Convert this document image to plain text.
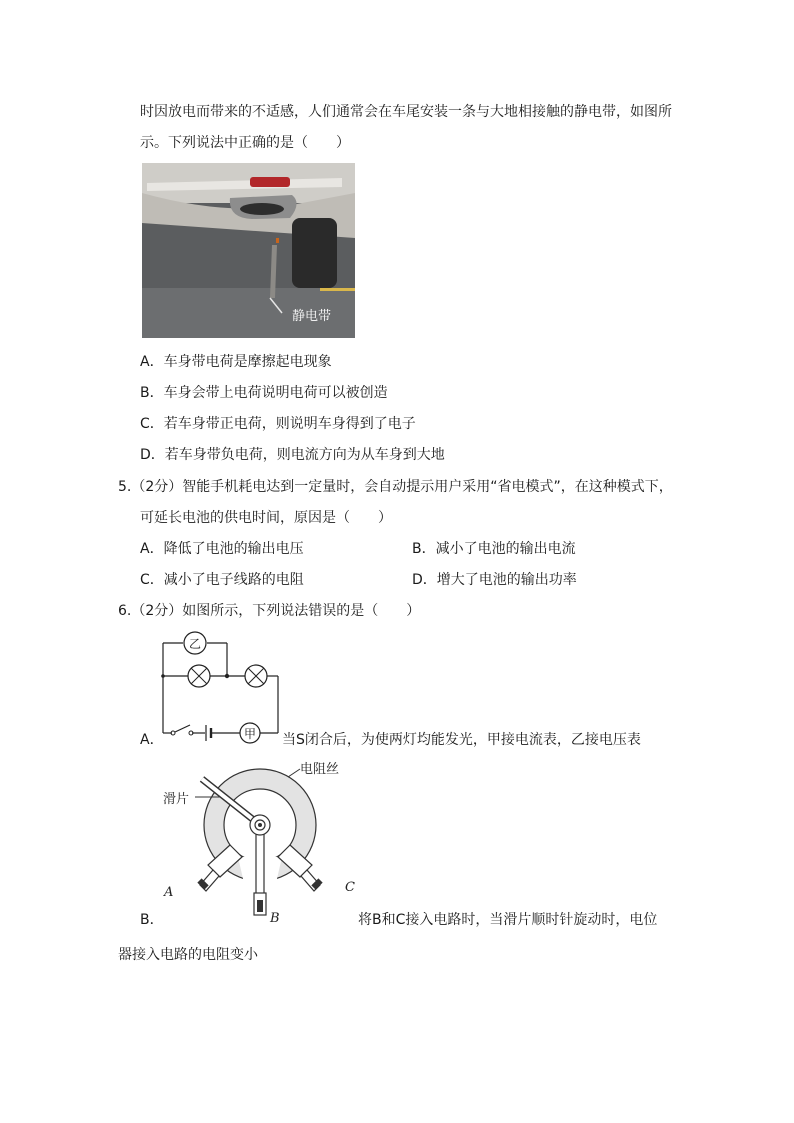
时因放电而带来的不适感，人们通常会在车尾安装一条与大地相接触的静电带，如图所
示。下列说法中正确的是（　　）
静电带
A．车身带电荷是摩擦起电现象
B．车身会带上电荷说明电荷可以被创造
C．若车身带正电荷，则说明车身得到了电子
D．若车身带负电荷，则电流方向为从车身到大地
5.（2分）智能手机耗电达到一定量时，会自动提示用户采用“省电模式”，在这种模式下，
可延长电池的供电时间，原因是（　　）
A．降低了电池的输出电压	B．减小了电池的输出电流
C．减小了电子线路的电阻	D．增大了电池的输出功率
6.（2分）如图所示，下列说法错误的是（　　）
乙
甲
A．	当S闭合后，为使两灯均能发光，甲接电流表，乙接电压表
电阻丝
滑片
A
B
C
B．	将B和C接入电路时，当滑片顺时针旋动时，电位
器接入电路的电阻变小
